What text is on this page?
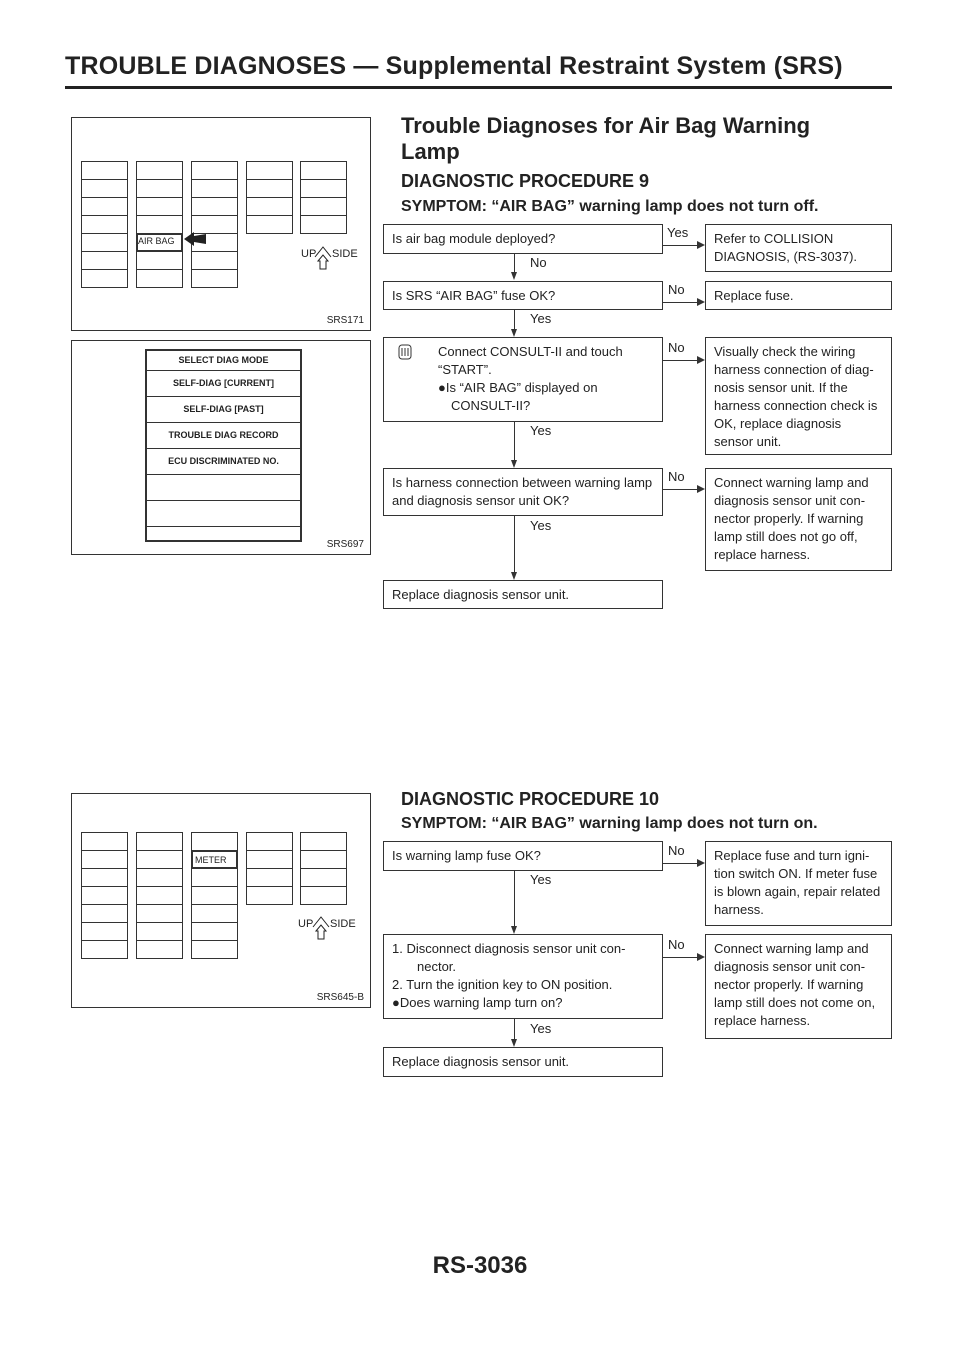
TROUBLE DIAGNOSES — Supplemental Restraint System (SRS)
AIR BAG
UP SIDE
SRS171
SELECT DIAG MODE
SELF-DIAG [CURRENT]
SELF-DIAG [PAST]
TROUBLE DIAG RECORD
ECU DISCRIMINATED NO.
SRS697
Trouble Diagnoses for Air Bag Warning
Lamp
DIAGNOSTIC PROCEDURE 9
SYMPTOM: “AIR BAG” warning lamp does not turn off.
Is air bag module deployed?	Yes	Refer to COLLISION DIAGNOSIS, (RS-3037).
No
Is SRS “AIR BAG” fuse OK?	No	Replace fuse.
Yes
Connect CONSULT-II and touch
“START”.
●Is “AIR BAG” displayed on
CONSULT-II?
No	Visually check the wiring harness connection of diag-nosis sensor unit. If the harness connection check is OK, replace diagnosis sensor unit.
Yes
Is harness connection between warning lamp and diagnosis sensor unit OK?
No	Connect warning lamp and diagnosis sensor unit con-nector properly. If warning lamp still does not go off, replace harness.
Yes
Replace diagnosis sensor unit.
METER
UP SIDE
SRS645-B
DIAGNOSTIC PROCEDURE 10
SYMPTOM: “AIR BAG” warning lamp does not turn on.
Is warning lamp fuse OK?	No	Replace fuse and turn igni-tion switch ON. If meter fuse is blown again, repair related harness.
Yes
1. Disconnect diagnosis sensor unit con-
nector.
2. Turn the ignition key to ON position.
●Does warning lamp turn on?
No	Connect warning lamp and diagnosis sensor unit con-nector properly. If warning lamp still does not come on, replace harness.
Yes
Replace diagnosis sensor unit.
RS-3036
